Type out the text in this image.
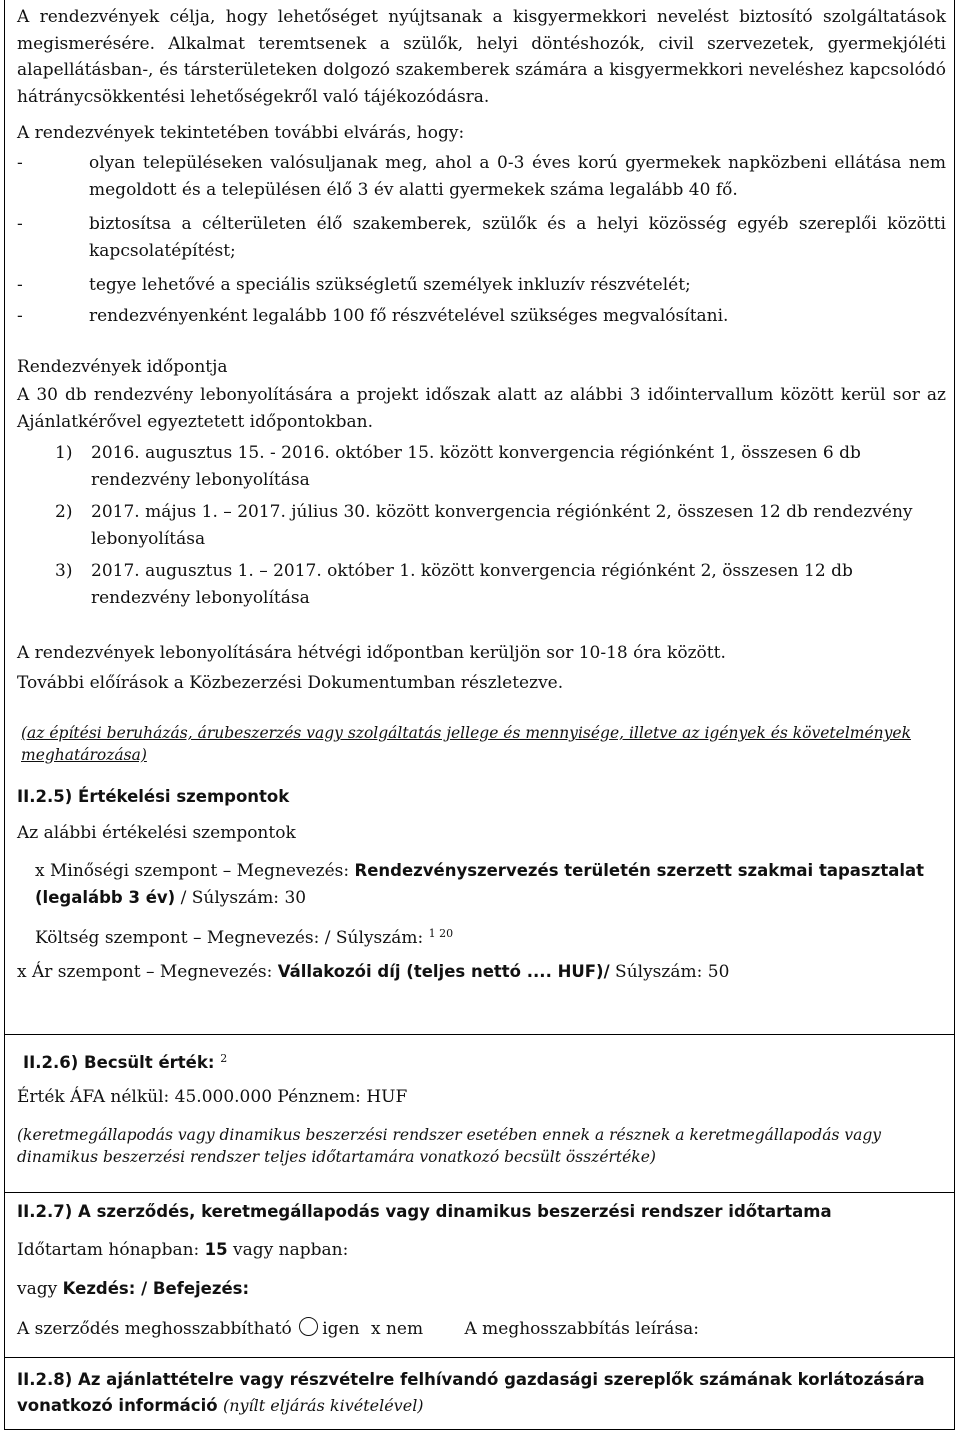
A rendezvények célja, hogy lehetőséget nyújtsanak a kisgyermekkori nevelést biztosító szolgáltatások megismerésére. Alkalmat teremtsenek a szülők, helyi döntéshozók, civil szervezetek, gyermekjóléti alapellátásban-, és társterületeken dolgozó szakemberek számára a kisgyermekkori neveléshez kapcsolódó hátránycsökkentési lehetőségekről való tájékozódásra.
A rendezvények tekintetében további elvárás, hogy:
-	olyan településeken valósuljanak meg, ahol a 0-3 éves korú gyermekek napközbeni ellátása nem megoldott és a településen élő 3 év alatti gyermekek száma legalább 40 fő.
-	biztosítsa a célterületen élő szakemberek, szülők és a helyi közösség egyéb szereplői közötti kapcsolatépítést;
-	tegye lehetővé a speciális szükségletű személyek inkluzív részvételét;
-	rendezvényenként legalább 100 fő részvételével szükséges megvalósítani.
Rendezvények időpontja
A 30 db rendezvény lebonyolítására a projekt időszak alatt az alábbi 3 időintervallum között kerül sor az Ajánlatkérővel egyeztetett időpontokban.
1)	2016. augusztus 15. - 2016. október 15. között konvergencia régiónként 1, összesen 6 db rendezvény lebonyolítása
2)	2017. május 1. – 2017. július 30. között konvergencia régiónként 2, összesen 12 db rendezvény lebonyolítása
3)	2017. augusztus 1. – 2017. október 1. között konvergencia régiónként 2, összesen 12 db rendezvény lebonyolítása
A rendezvények lebonyolítására hétvégi időpontban kerüljön sor 10-18 óra között.
További előírások a Közbezerzési Dokumentumban részletezve.
(az építési beruházás, árubeszerzés vagy szolgáltatás jellege és mennyisége, illetve az igények és követelmények meghatározása)
II.2.5) Értékelési szempontok
Az alábbi értékelési szempontok
x Minőségi szempont – Megnevezés: Rendezvényszervezés területén szerzett szakmai tapasztalat (legalább 3 év) / Súlyszám: 30
Költség szempont – Megnevezés: / Súlyszám: $^{1 20}$
x Ár szempont – Megnevezés: Vállakozói díj (teljes nettó .... HUF)/ Súlyszám: 50
II.2.6) Becsült érték: $^2$
Érték ÁFA nélkül: 45.000.000 Pénznem: HUF
(keretmegállapodás vagy dinamikus beszerzési rendszer esetében ennek a résznek a keretmegállapodás vagy dinamikus beszerzési rendszer teljes időtartamára vonatkozó becsült összértéke)
II.2.7) A szerződés, keretmegállapodás vagy dinamikus beszerzési rendszer időtartama
Időtartam hónapban: 15 vagy napban:
vagy Kezdés: / Befejezés:
A szerződés meghosszabbítható igen x nem A meghosszabbítás leírása:
II.2.8) Az ajánlattételre vagy részvételre felhívandó gazdasági szereplők számának korlátozására vonatkozó információ (nyílt eljárás kivételével)
